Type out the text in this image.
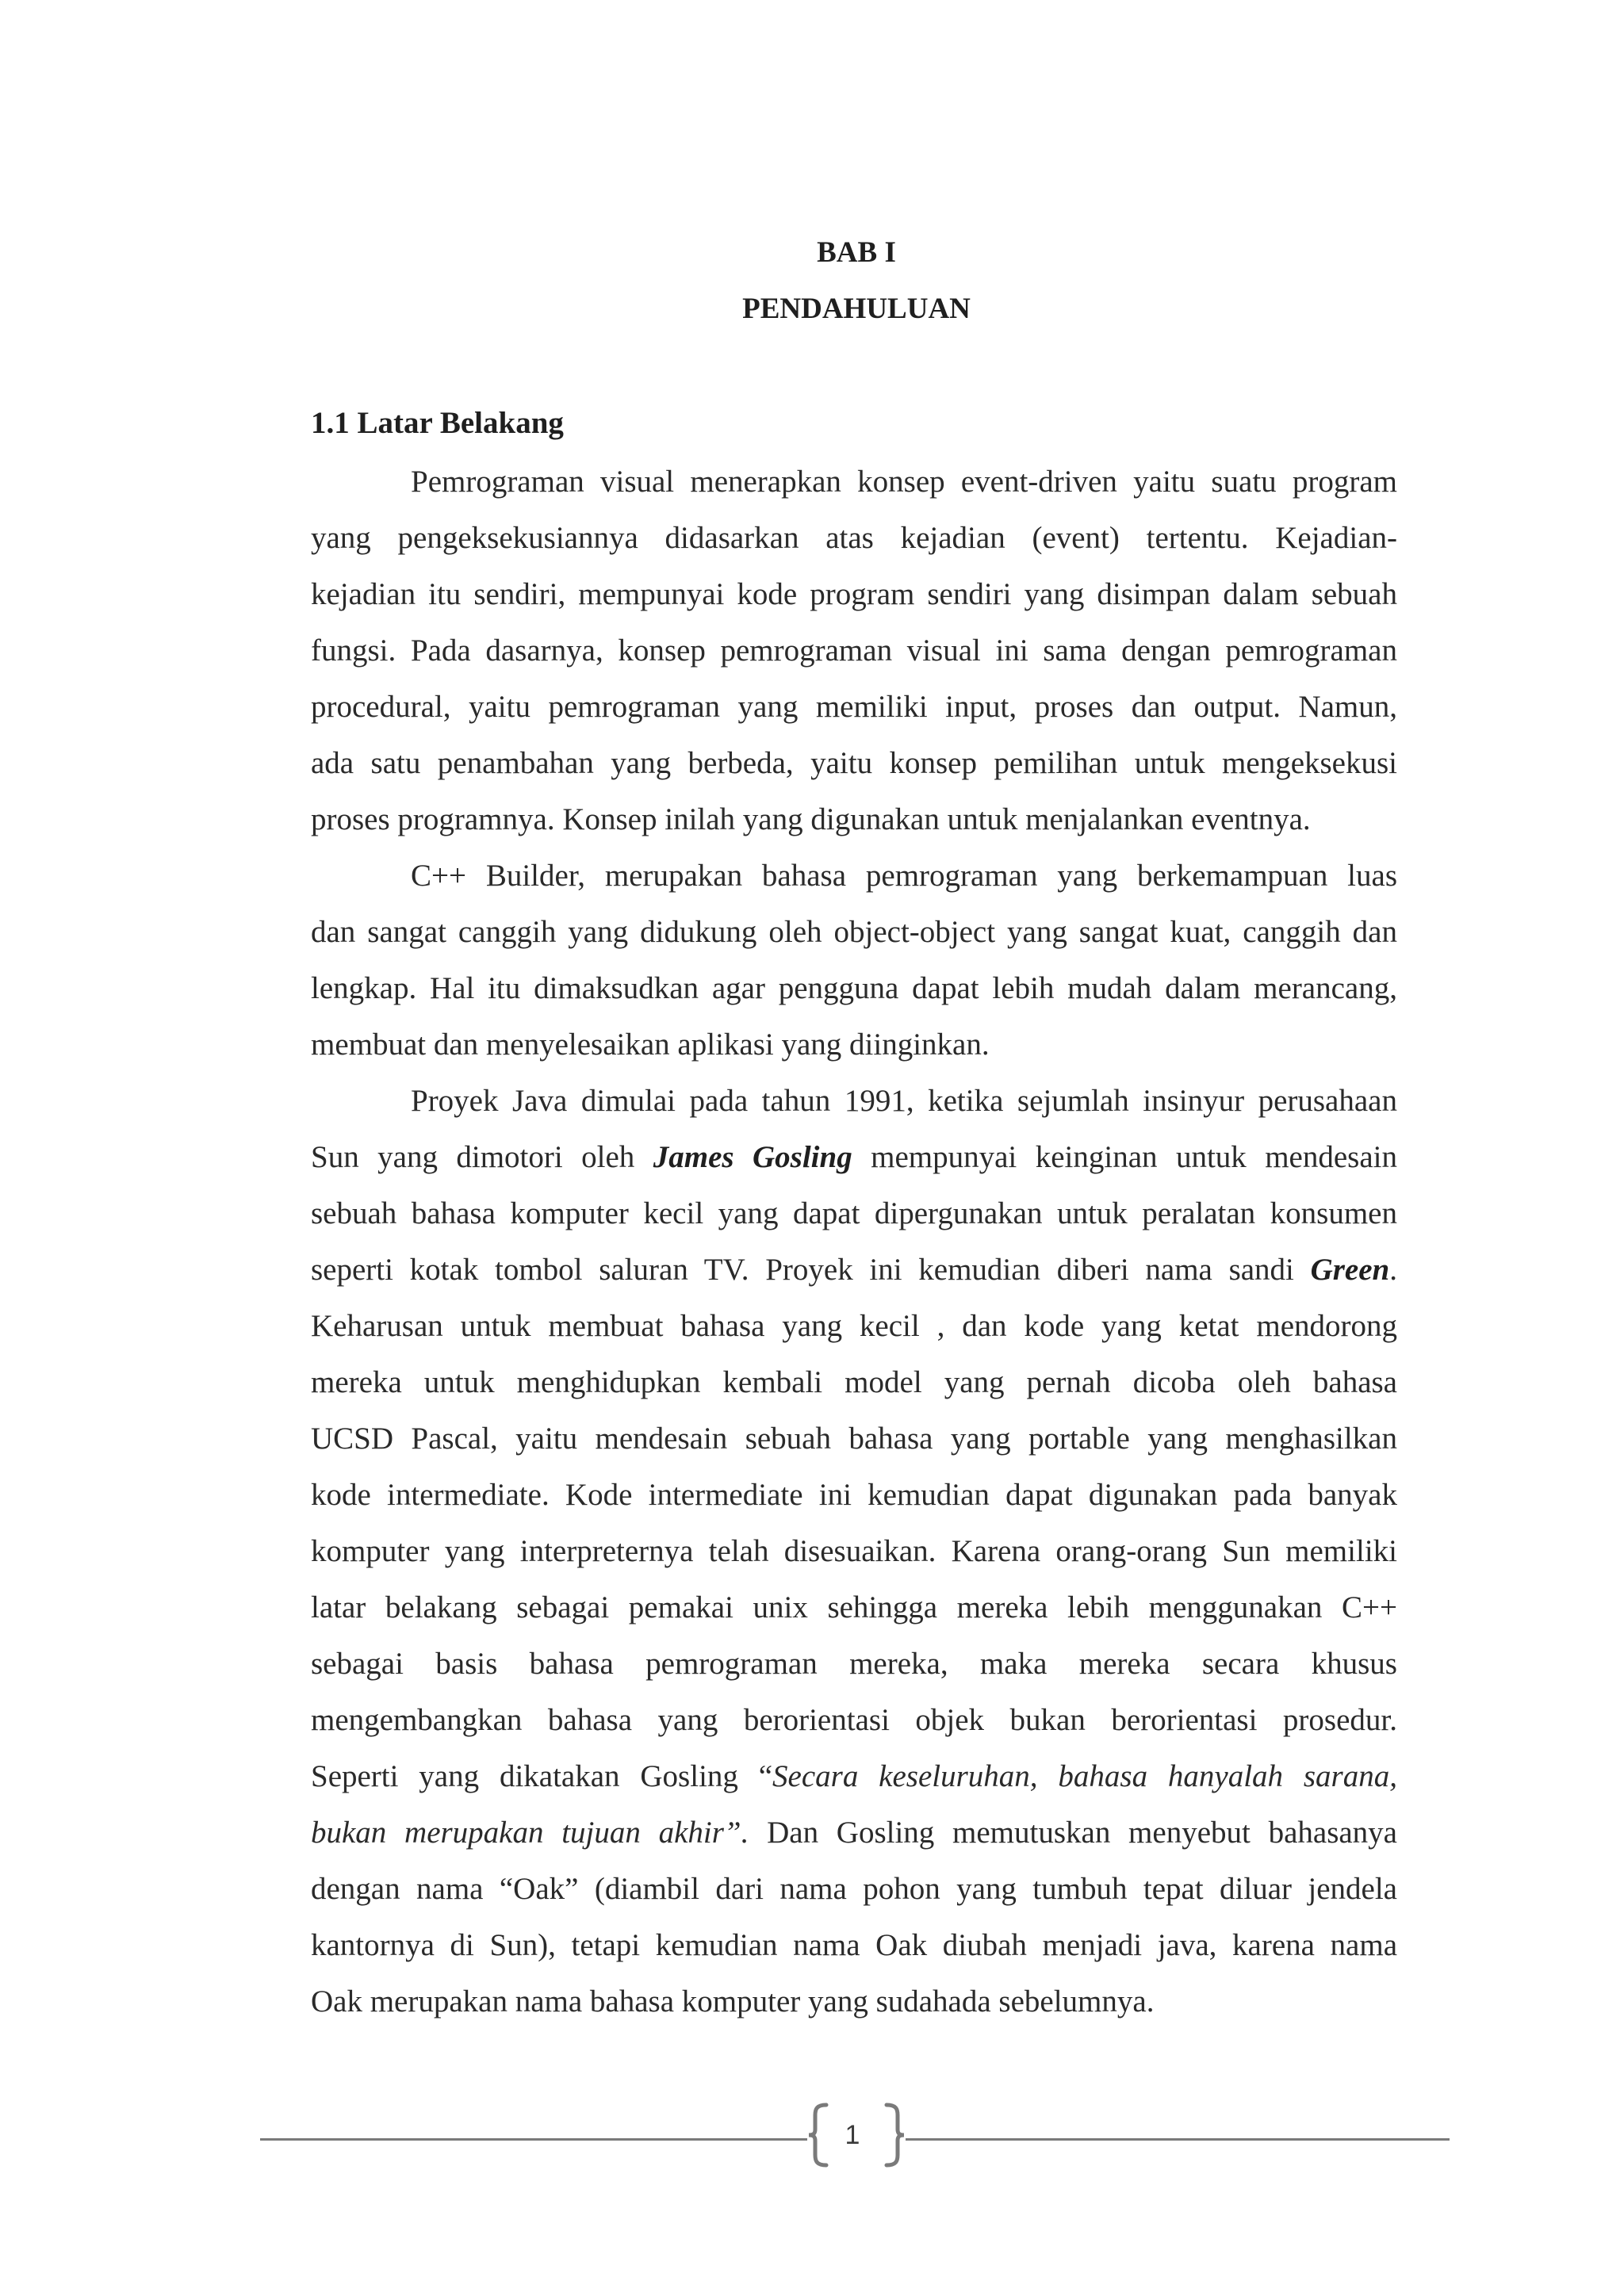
BAB I
PENDAHULUAN
1.1 Latar Belakang
Pemrograman visual menerapkan konsep event-driven yaitu suatu program
yang pengeksekusiannya didasarkan atas kejadian (event) tertentu. Kejadian-
kejadian itu sendiri, mempunyai kode program sendiri yang disimpan dalam sebuah
fungsi. Pada dasarnya, konsep pemrograman visual ini sama dengan pemrograman
procedural, yaitu pemrograman yang memiliki input, proses dan output. Namun,
ada satu penambahan yang berbeda, yaitu konsep pemilihan untuk mengeksekusi
proses programnya. Konsep inilah yang digunakan untuk menjalankan eventnya.
C++ Builder, merupakan bahasa pemrograman yang berkemampuan luas
dan sangat canggih yang didukung oleh object-object yang sangat kuat, canggih dan
lengkap. Hal itu dimaksudkan agar pengguna dapat lebih mudah dalam merancang,
membuat dan menyelesaikan aplikasi yang diinginkan.
Proyek Java dimulai pada tahun 1991, ketika sejumlah insinyur perusahaan
Sun yang dimotori oleh James Gosling mempunyai keinginan untuk mendesain
sebuah bahasa komputer kecil yang dapat dipergunakan untuk peralatan konsumen
seperti kotak tombol saluran TV. Proyek ini kemudian diberi nama sandi Green.
Keharusan untuk membuat bahasa yang kecil , dan kode yang ketat mendorong
mereka untuk menghidupkan kembali model yang pernah dicoba oleh bahasa
UCSD Pascal, yaitu mendesain sebuah bahasa yang portable yang menghasilkan
kode intermediate. Kode intermediate ini kemudian dapat digunakan pada banyak
komputer yang interpreternya telah disesuaikan. Karena orang-orang Sun memiliki
latar belakang sebagai pemakai unix sehingga mereka lebih menggunakan C++
sebagai basis bahasa pemrograman mereka, maka mereka secara khusus
mengembangkan bahasa yang berorientasi objek bukan berorientasi prosedur.
Seperti yang dikatakan Gosling “Secara keseluruhan, bahasa hanyalah sarana,
bukan merupakan tujuan akhir”. Dan Gosling memutuskan menyebut bahasanya
dengan nama “Oak” (diambil dari nama pohon yang tumbuh tepat diluar jendela
kantornya di Sun), tetapi kemudian nama Oak diubah menjadi java, karena nama
Oak merupakan nama bahasa komputer yang sudahada sebelumnya.
1
